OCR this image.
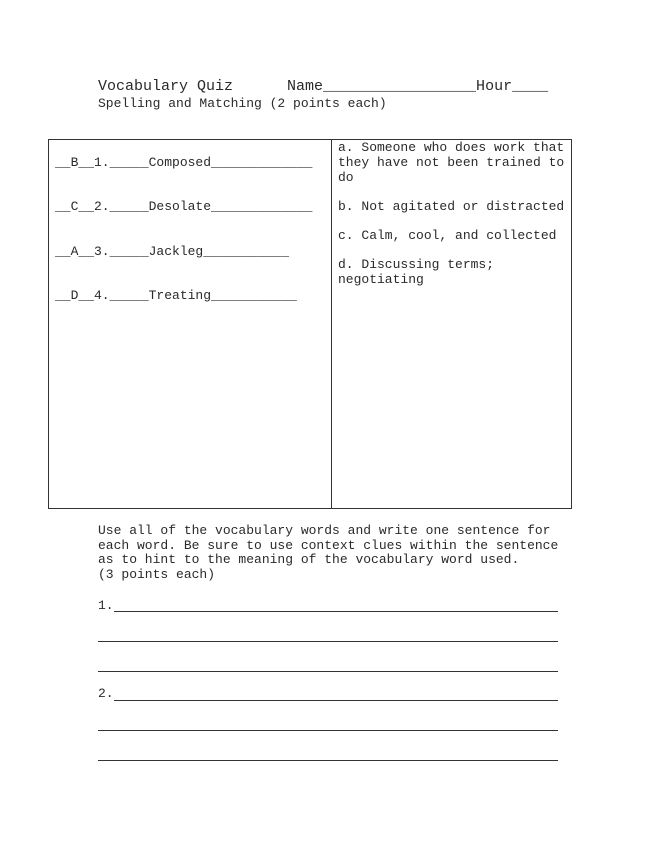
Vocabulary Quiz      Name_________________Hour____
Spelling and Matching (2 points each)
__B__1._____Composed_____________
__C__2._____Desolate_____________
__A__3._____Jackleg___________
__D__4._____Treating___________
a. Someone who does work that they have not been trained to do
b. Not agitated or distracted
c. Calm, cool, and collected
d. Discussing terms; negotiating
Use all of the vocabulary words and write one sentence for
each word. Be sure to use context clues within the sentence
as to hint to the meaning of the vocabulary word used.
(3 points each)
1.
2.
